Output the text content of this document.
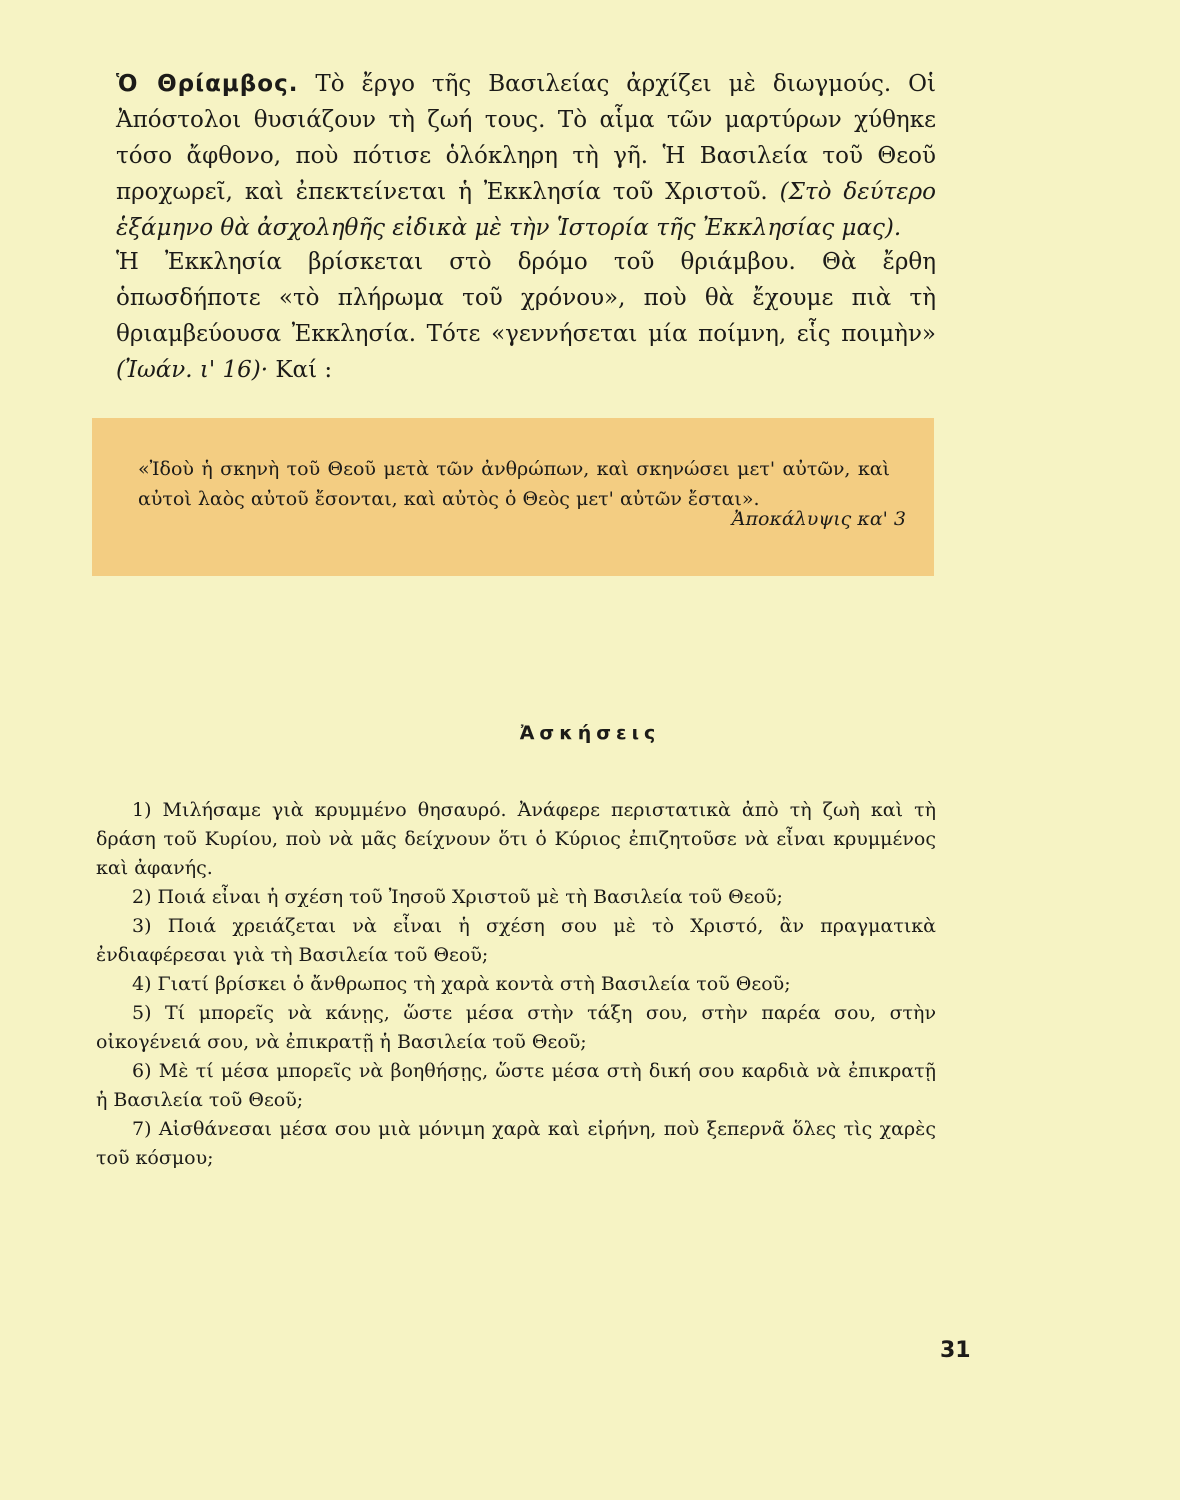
Ὁ Θρίαμβος. Τὸ ἔργο τῆς Βασιλείας ἀρχίζει μὲ διωγμούς. Οἱ Ἀπόστολοι θυσιάζουν τὴ ζωή τους. Τὸ αἷμα τῶν μαρτύρων χύθηκε τόσο ἄφθονο, ποὺ πότισε ὁλόκληρη τὴ γῆ. Ἡ Βασιλεία τοῦ Θεοῦ προχωρεῖ, καὶ ἐπεκτείνεται ἡ Ἐκκλησία τοῦ Χριστοῦ. (Στὸ δεύτερο ἑξάμηνο θὰ ἀσχοληθῆς εἰδικὰ μὲ τὴν Ἱστορία τῆς Ἐκκλησίας μας).

Ἡ Ἐκκλησία βρίσκεται στὸ δρόμο τοῦ θριάμβου. Θὰ ἔρθη ὁπωσδήποτε «τὸ πλήρωμα τοῦ χρόνου», ποὺ θὰ ἔχουμε πιὰ τὴ θριαμβεύουσα Ἐκκλησία. Τότε «γεννήσεται μία ποίμνη, εἷς ποιμὴν» (Ἰωάν. ι' 16)· Καί :

«Ἰδοὺ ἡ σκηνὴ τοῦ Θεοῦ μετὰ τῶν ἀνθρώπων, καὶ σκηνώσει μετ' αὐτῶν, καὶ αὐτοὶ λαὸς αὐτοῦ ἔσονται, καὶ αὐτὸς ὁ Θεὸς μετ' αὐτῶν ἔσται».

Ἀποκάλυψις κα' 3

Ἀσκήσεις

1) Μιλήσαμε γιὰ κρυμμένο θησαυρό. Ἀνάφερε περιστατικὰ ἀπὸ τὴ ζωὴ καὶ τὴ δράση τοῦ Κυρίου, ποὺ νὰ μᾶς δείχνουν ὅτι ὁ Κύριος ἐπιζητοῦσε νὰ εἶναι κρυμμένος καὶ ἀφανής.
2) Ποιά εἶναι ἡ σχέση τοῦ Ἰησοῦ Χριστοῦ μὲ τὴ Βασιλεία τοῦ Θεοῦ;
3) Ποιά χρειάζεται νὰ εἶναι ἡ σχέση σου μὲ τὸ Χριστό, ἂν πραγματικὰ ἐνδιαφέρεσαι γιὰ τὴ Βασιλεία τοῦ Θεοῦ;
4) Γιατί βρίσκει ὁ ἄνθρωπος τὴ χαρὰ κοντὰ στὴ Βασιλεία τοῦ Θεοῦ;
5) Τί μπορεῖς νὰ κάνῃς, ὥστε μέσα στὴν τάξη σου, στὴν παρέα σου, στὴν οἰκογένειά σου, νὰ ἐπικρατῇ ἡ Βασιλεία τοῦ Θεοῦ;
6) Μὲ τί μέσα μπορεῖς νὰ βοηθήσῃς, ὥστε μέσα στὴ δική σου καρδιὰ νὰ ἐπικρατῇ ἡ Βασιλεία τοῦ Θεοῦ;
7) Αἰσθάνεσαι μέσα σου μιὰ μόνιμη χαρὰ καὶ εἰρήνη, ποὺ ξεπερνᾶ ὅλες τὶς χαρὲς τοῦ κόσμου;

31
